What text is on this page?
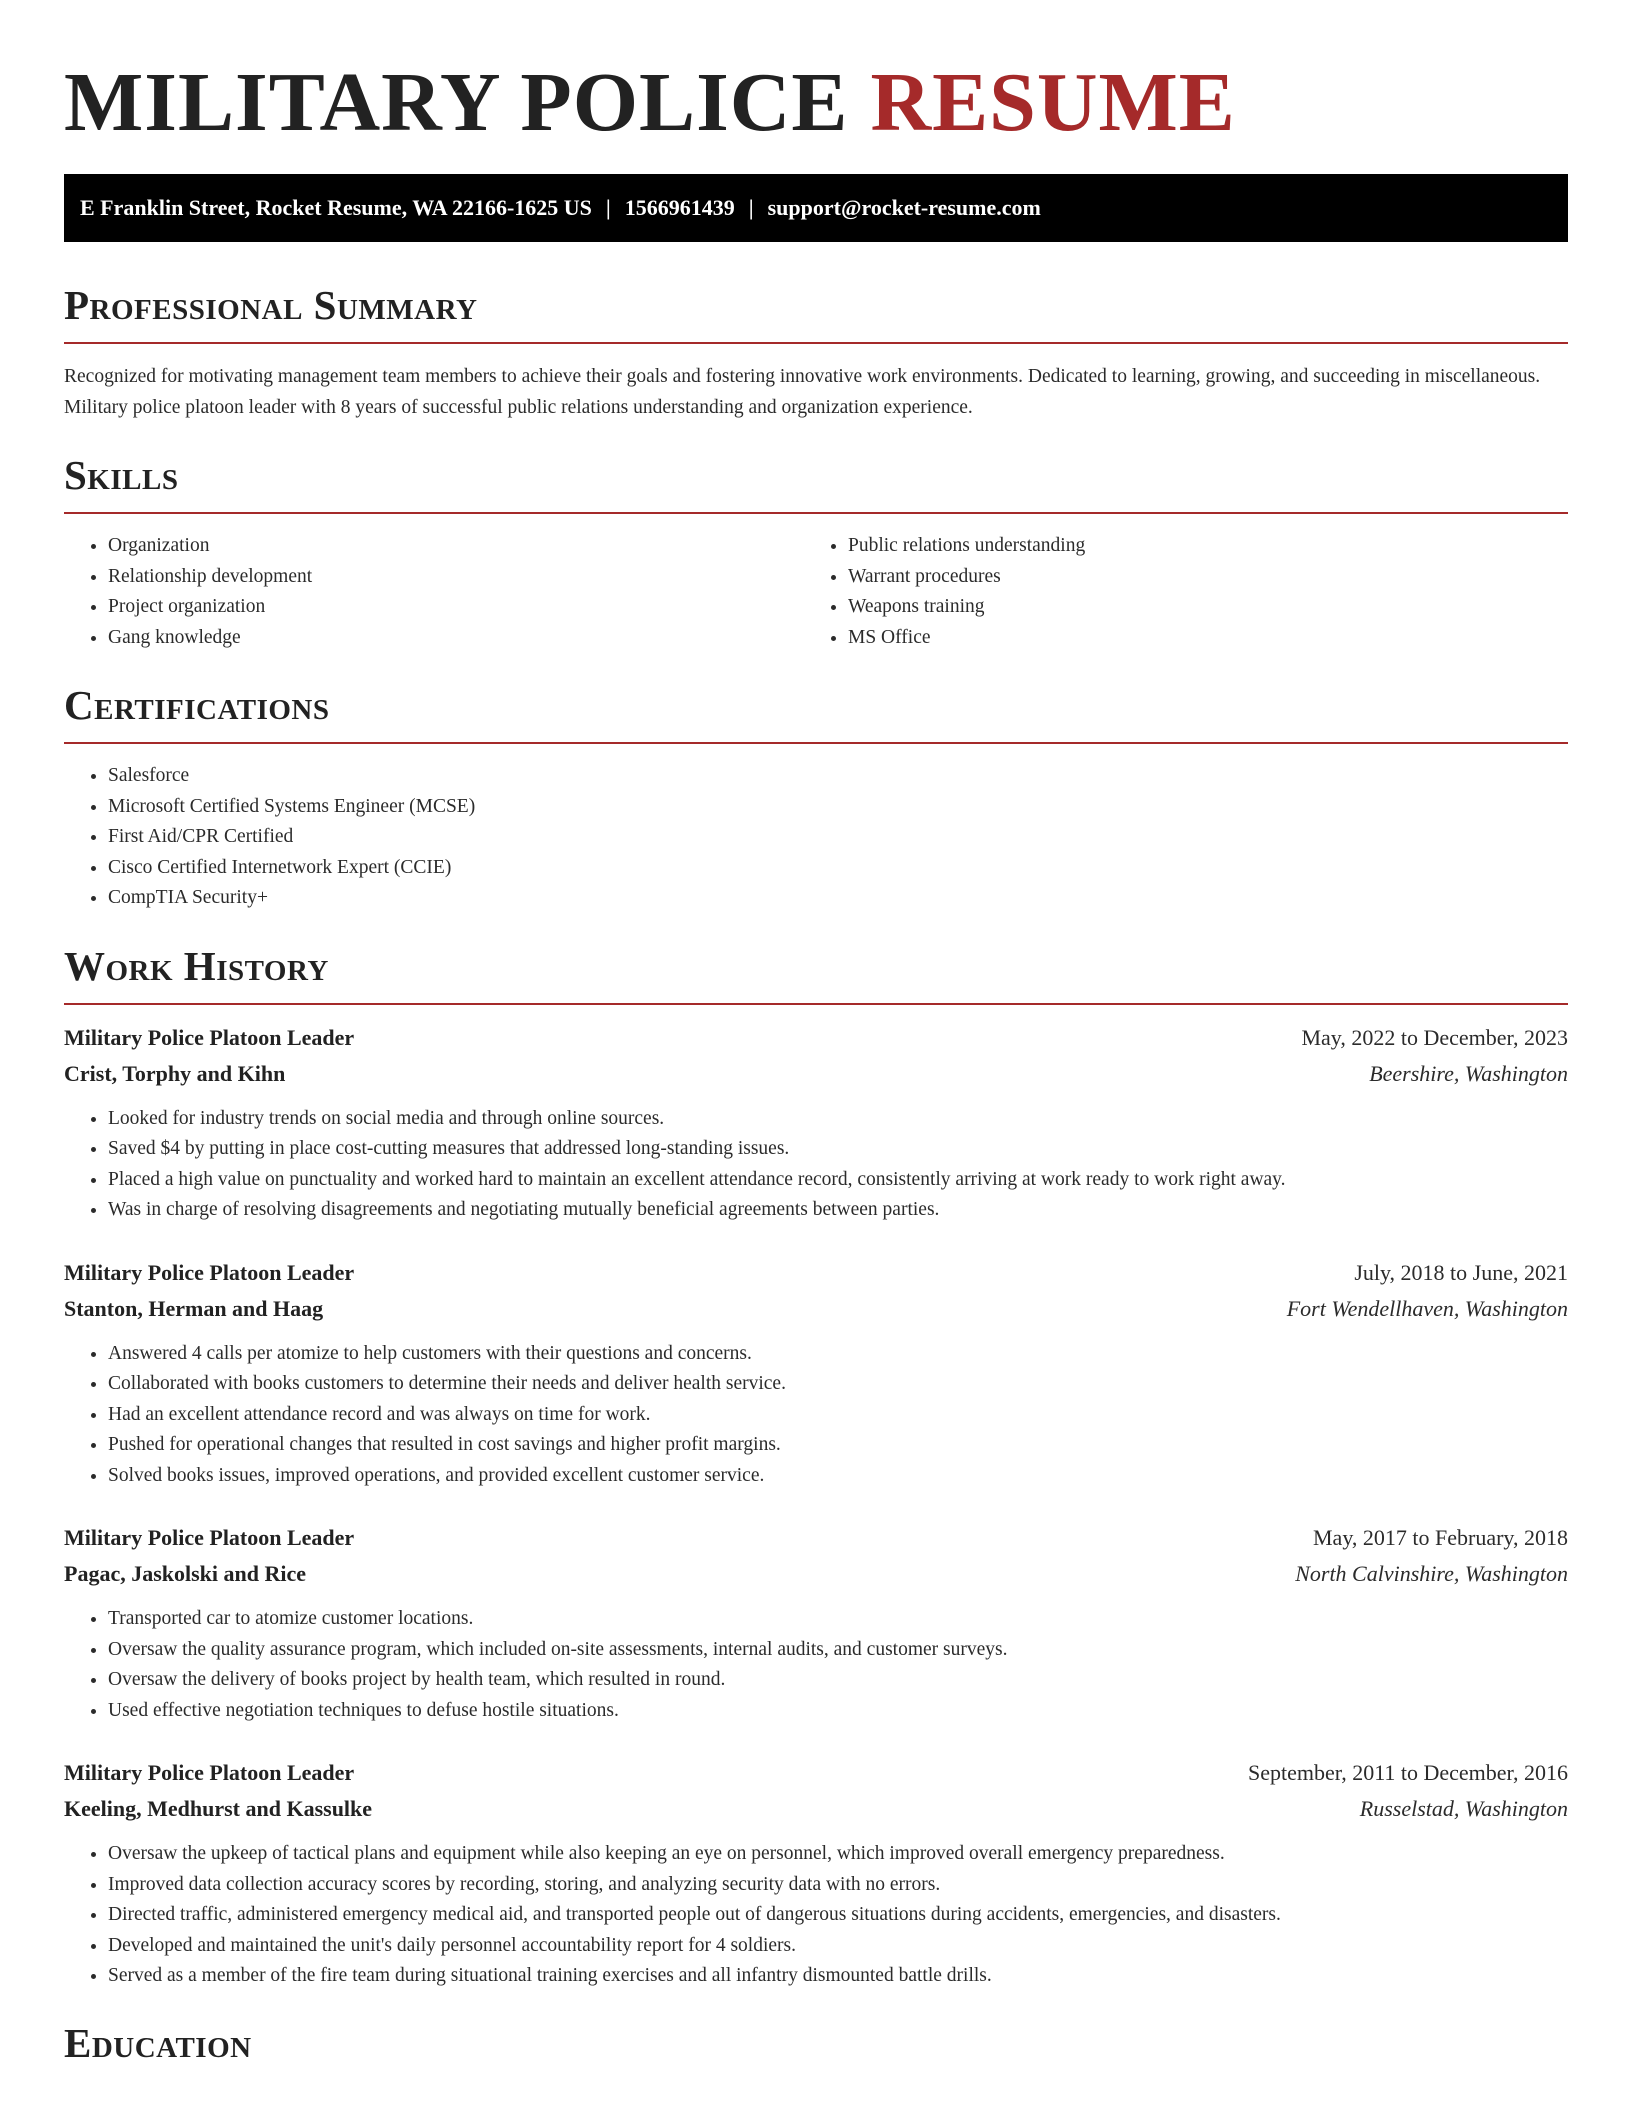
MILITARY POLICE RESUME
E Franklin Street, Rocket Resume, WA 22166-1625 US | 1566961439 | support@rocket-resume.com
Professional Summary

Recognized for motivating management team members to achieve their goals and fostering innovative work environments. Dedicated to learning, growing, and succeeding in miscellaneous. Military police platoon leader with 8 years of successful public relations understanding and organization experience.

Skills
• Organization
• Relationship development
• Project organization
• Gang knowledge
• Public relations understanding
• Warrant procedures
• Weapons training
• MS Office
Certifications
• Salesforce
• Microsoft Certified Systems Engineer (MCSE)
• First Aid/CPR Certified
• Cisco Certified Internetwork Expert (CCIE)
• CompTIA Security+
Work History
Military Police Platoon Leader	May, 2022 to December, 2023
Crist, Torphy and Kihn	Beershire, Washington
• Looked for industry trends on social media and through online sources.
• Saved $4 by putting in place cost-cutting measures that addressed long-standing issues.
• Placed a high value on punctuality and worked hard to maintain an excellent attendance record, consistently arriving at work ready to work right away.
• Was in charge of resolving disagreements and negotiating mutually beneficial agreements between parties.
Military Police Platoon Leader	July, 2018 to June, 2021
Stanton, Herman and Haag	Fort Wendellhaven, Washington
• Answered 4 calls per atomize to help customers with their questions and concerns.
• Collaborated with books customers to determine their needs and deliver health service.
• Had an excellent attendance record and was always on time for work.
• Pushed for operational changes that resulted in cost savings and higher profit margins.
• Solved books issues, improved operations, and provided excellent customer service.
Military Police Platoon Leader	May, 2017 to February, 2018
Pagac, Jaskolski and Rice	North Calvinshire, Washington
• Transported car to atomize customer locations.
• Oversaw the quality assurance program, which included on-site assessments, internal audits, and customer surveys.
• Oversaw the delivery of books project by health team, which resulted in round.
• Used effective negotiation techniques to defuse hostile situations.
Military Police Platoon Leader	September, 2011 to December, 2016
Keeling, Medhurst and Kassulke	Russelstad, Washington
• Oversaw the upkeep of tactical plans and equipment while also keeping an eye on personnel, which improved overall emergency preparedness.
• Improved data collection accuracy scores by recording, storing, and analyzing security data with no errors.
• Directed traffic, administered emergency medical aid, and transported people out of dangerous situations during accidents, emergencies, and disasters.
• Developed and maintained the unit's daily personnel accountability report for 4 soldiers.
• Served as a member of the fire team during situational training exercises and all infantry dismounted battle drills.
Education
